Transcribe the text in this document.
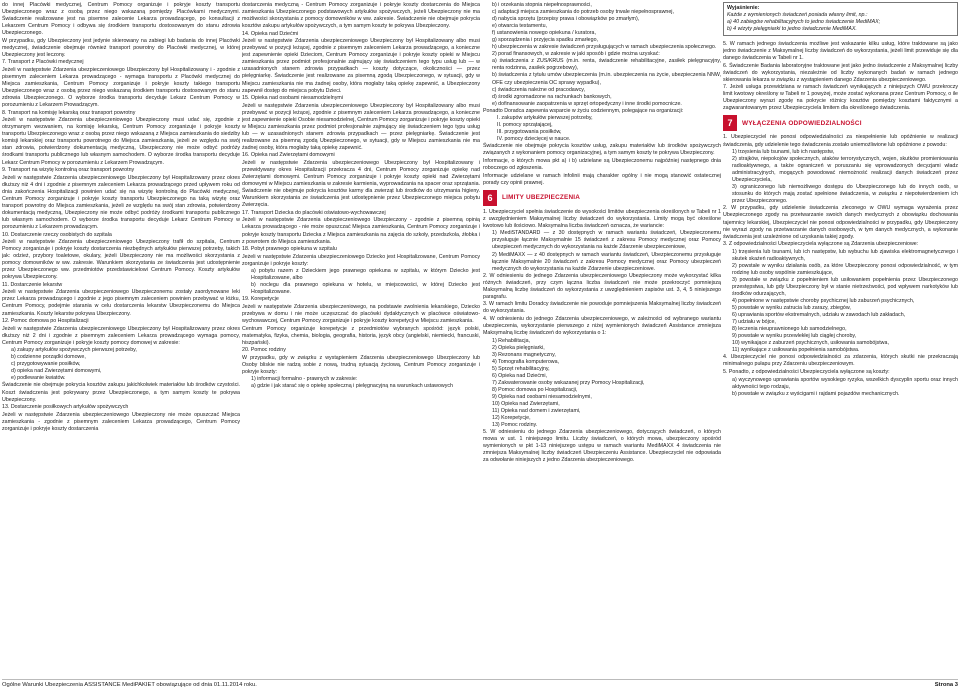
do innej Placówki medycznej, Centrum Pomocy organizuje i pokryje koszty transportu Ubezpieczonego wraz z osobą przez niego wskazaną pomiędzy Placówkami medycznymi. Świadczenie realizowane jest na pisemne zalecenie Lekarza prowadzącego, po konsultacji z Lekarzem Centrum Pomocy i odbywa się środkiem transportu dostosowanym do stanu zdrowia Ubezpieczonego.

W przypadku, gdy Ubezpieczony jest jedynie skierowany na zabiegi lub badania do innej Placówki medycznej, świadczenie obejmuje również transport powrotny do Placówki medycznej, w której Ubezpieczony jest leczony.

7. Transport z Placówki medycznej

Jeżeli w następstwie Zdarzenia ubezpieczeniowego Ubezpieczony był Hospitalizowany i - zgodnie z pisemnym zaleceniem Lekarza prowadzącego - wymaga transportu z Placówki medycznej do Miejsca zamieszkania, Centrum Pomocy zorganizuje i pokryje koszty takiego transportu Ubezpieczonego wraz z osobą przez niego wskazaną środkiem transportu dostosowanym do stanu zdrowia Ubezpieczonego. O wyborze środka transportu decyduje Lekarz Centrum Pomocy w porozumieniu z Lekarzem Prowadzącym.

8. Transport na komisję lekarską oraz transport powrotny

Jeżeli w następstwie Zdarzenia ubezpieczeniowego Ubezpieczony musi udać się, zgodnie z otrzymanym wezwaniem, na komisję lekarską, Centrum Pomocy zorganizuje i pokryje koszty transportu Ubezpieczonego wraz z osobą przez niego wskazaną z Miejsca zamieszkania do siedziby komisji lekarskiej oraz transportu powrotnego do Miejsca zamieszkania, jeżeli ze względu na swój stan zdrowia, potwierdzony dokumentacją medyczną, Ubezpieczony nie może odbyć podróży środkami transportu publicznego lub własnym samochodem. O wyborze środka transportu decyduje Lekarz Centrum Pomocy w porozumieniu z Lekarzem Prowadzącym.

9. Transport na wizytę kontrolną oraz transport powrotny

Jeżeli w następstwie Zdarzenia ubezpieczeniowego Ubezpieczony był Hospitalizowany przez okres dłuższy niż 4 dni i zgodnie z pisemnym zaleceniem Lekarza prowadzącego przed upływem roku od dnia zakończenia Hospitalizacji powinien udać się na wizytę kontrolną do Placówki medycznej, Centrum Pomocy zorganizuje i pokryje koszty transportu Ubezpieczonego na taką wizytę oraz transport powrotny do Miejsca zamieszkania, jeżeli ze względu na swój stan zdrowia, potwierdzony dokumentacją medyczną, Ubezpieczony nie może odbyć podróży środkami transportu publicznego lub własnym samochodem. O wyborze środka transportu decyduje Lekarz Centrum Pomocy w porozumieniu z Lekarzem prowadzącym.

10. Dostarczenie rzeczy osobistych do szpitala

Jeżeli w następstwie Zdarzenia ubezpieczeniowego Ubezpieczony trafił do szpitala, Centrum Pomocy zorganizuje i pokryje koszty dostarczenia niezbędnych artykułów pierwszej potrzeby, takich jak: odzież, przybory toaletowe, okulary, jeżeli Ubezpieczony nie ma możliwości skorzystania z pomocy domowników w ww. zakresie. Warunkiem skorzystania ze świadczenia jest udostępnienie przez Ubezpieczonego ww. przedmiotów przedstawicielowi Centrum Pomocy. Koszty artykułów pokrywa Ubezpieczony.

11. Dostarczenie lekarstw

Jeżeli w następstwie Zdarzenia ubezpieczeniowego Ubezpieczonemu zostały zaordynowane leki przez Lekarza prowadzącego i zgodnie z jego pisemnym zaleceniem powinien przebywać w łóżku, Centrum Pomocy, podejmie starania w celu dostarczenia lekarstw Ubezpieczonemu do Miejsca zamieszkania. Koszty lekarstw pokrywa Ubezpieczony.

12. Pomoc domowa po Hospitalizacji

Jeżeli w następstwie Zdarzenia ubezpieczeniowego Ubezpieczony był Hospitalizowany przez okres dłuższy niż 2 dni i zgodnie z pisemnym zaleceniem Lekarza prowadzącego wymaga pomocy, Centrum Pomocy zorganizuje i pokryje koszty pomocy domowej w zakresie:

a) zakupy artykułów spożywczych pierwszej potrzeby,

b) codzienne porządki domowe,

c) przygotowywanie posiłków,

d) opieka nad Zwierzętami domowymi,

e) podlewanie kwiatów.

Świadczenie nie obejmuje pokrycia kosztów zakupu jakichkolwiek materiałów lub środków czystości. Koszt świadczenia jest pokrywany przez Ubezpieczonego, a tym samym koszty te pokrywa Ubezpieczony.

13. Dostarczenie posiłkowych artykułów spożywczych

Jeżeli w następstwie Zdarzenia ubezpieczeniowego Ubezpieczony nie może opuszczać Miejsca zamieszkania - zgodnie z pisemnym zaleceniem Lekarza prowadzącego, Centrum Pomocy zorganizuje i pokryje koszty dostarczenia

dostarczenia medyczną - Centrum Pomocy zorganizuje i pokryje koszty dostarczenia do Miejsca zamieszkania Ubezpieczonego podstawowych artykułów spożywczych, jeżeli Ubezpieczony nie ma możliwości skorzystania z pomocy domowników w ww. zakresie. Świadczenie nie obejmuje pokrycia kosztów zakupu artykułów spożywczych, a tym samym koszty te pokrywa Ubezpieczony.

14. Opieka nad Dziećmi

Jeżeli w następstwie Zdarzenia ubezpieczeniowego Ubezpieczony był Hospitalizowany albo musi przebywać w pozycji leżącej, zgodnie z pisemnym zaleceniem Lekarza prowadzącego, a konieczne jest zapewnienie opieki Dzieciom, Centrum Pomocy zorganizuje i pokryje koszty opieki w Miejscu zamieszkania przez podmiot profesjonalnie zajmujący się świadczeniem tego typu usług lub — w uzasadnionych stanem zdrowia przypadkach — koszty dotyczące, okoliczności — przez pielęgniarkę. Świadczenie jest realizowane za pisemną zgodą Ubezpieczonego, w sytuacji, gdy w Miejscu zamieszkania nie ma żadnej osoby, która mogłaby taką opiekę zapewnić, a Ubezpieczony zapewnił dostęp do miejsca pobytu Dzieci.

15. Opieka nad osobami niesamodzielnymi

Jeżeli w następstwie Zdarzenia ubezpieczeniowego Ubezpieczony był Hospitalizowany albo musi przebywać w pozycji leżącej, zgodnie z pisemnym zaleceniem Lekarza prowadzącego, a konieczne jest zapewnienie opieki Osobie niesamodzielnej, Centrum Pomocy zorganizuje i pokryje koszty opieki w Miejscu zamieszkania przez podmiot profesjonalnie zajmujący się świadczeniem tego typu usług lub — w uzasadnionych stanem zdrowia przypadkach — przez pielęgniarkę. Świadczenie jest realizowane za pisemną zgodą Ubezpieczonego, w sytuacji, gdy w Miejscu zamieszkania nie ma żadnej osoby, która mogłaby taką opiekę zapewnić.

16. Opieka nad Zwierzętami domowymi

Jeżeli w następstwie Zdarzenia ubezpieczeniowego Ubezpieczony był Hospitalizowany i przewidywany okres Hospitalizacji przekracza 4 dni, Centrum Pomocy zorganizuje opiekę nad Zwierzętami domowymi. Centrum Pomocy zorganizuje i pokryje koszty opieki nad Zwierzętami domowymi w Miejscu zamieszkania w zakresie karmienia, wyprowadzania na spacer oraz sprzątania. Świadczenie nie obejmuje pokrycia kosztów karmy dla zwierząt lub środków do utrzymania higieny. Warunkiem skorzystania ze świadczenia jest udostępnienie przez Ubezpieczonego miejsca pobytu Zwierzęcia.

17. Transport Dziecka do placówki oświatowo-wychowawczej

Jeżeli w następstwie Zdarzenia ubezpieczeniowego Ubezpieczony - zgodnie z pisemną opinią Lekarza prowadzącego - nie może opuszczać Miejsca zamieszkania, Centrum Pomocy zorganizuje i pokryje koszty transportu Dziecka z Miejsca zamieszkania na zajęcia do szkoły, przedszkola, żłobka i z powrotem do Miejsca zamieszkania.

18. Pobyt prawnego opiekuna w szpitalu

Jeżeli w następstwie Zdarzenia ubezpieczeniowego Dziecko jest Hospitalizowane, Centrum Pomocy zorganizuje i pokryje koszty:

a) pobytu razem z Dzieckiem jego prawnego opiekuna w szpitalu, w którym Dziecko jest Hospitalizowane, albo

b) noclegu dla prawnego opiekuna w hotelu, w miejscowości, w której Dziecko jest Hospitalizowane.

19. Korepetycje

Jeżeli w następstwie Zdarzenia ubezpieczeniowego, na podstawie zwolnienia lekarskiego, Dziecko przebywa w domu i nie może uczęszczać do placówki dydaktycznych w placówce oświatowo-wychowawczej, Centrum Pomocy zorganizuje i pokryje koszty korepetycji w Miejscu zamieszkania.

Centrum Pomocy organizuje korepetycje z przedmiotów wybranych spośród: język polski, matematyka, fizyka, chemia, biologia, geografia, historia, język obcy (angielski, niemiecki, francuski, hiszpański).

20. Pomoc rodziny

W przypadku, gdy w związku z wystąpieniem Zdarzenia ubezpieczeniowego Ubezpieczony lub Osoby bliskie nie radzą sobie z nową, trudną sytuacją życiową, Centrum Pomocy zorganizuje i pokryje koszty:

1) informacji formalno - prawnych w zakresie:

a) gdzie i jak starać się o opiekę społeczną i pielęgnacyjną na warunkach ustawowych

b) i orzekania stopnia niepełnosprawności,

c) adaptacji miejsca zamieszkania do potrzeb osoby trwale niepełnosprawnej,

d) nabycia sprzętu (przepisy prawa i obowiązków po zmarłym),

e) otwarcia testamentu,

f) ustanowienia nowego opiekuna / kuratora,

g) sporządzenia i przyjęcia spadku zmarłego,

h) ubezpieczenia w zakresie świadczeń przysługujących w ramach ubezpieczenia społecznego.

2) porad finansowych, w zakresie w jaki sposób i gdzie można uzyskać:

a) świadczenia z ZUS/KRUS (m.in. renta, świadczenie rehabilitacyjne, zasiłek pielęgnacyjny, renta rodzinna, zasiłek pogrzebowy),

b) świadczenia z tytułu umów ubezpieczenia (m.in. ubezpieczenia na życie, ubezpieczenia NNW, OFE czy ubezpieczenia OC sprawy wypadku),

c) świadczenia należne od pracodawcy,

d) środki zgromadzone na rachunkach bankowych,

e) dofinansowanie zaopatrzenia w sprzęt ortopedyczny i inne środki pomocnicze.

Ponadto Doradca zapewnia wsparcie w życiu codziennym, polegające na organizacji:

I. zakupów artykułów pierwszej potrzeby,

II. pomocy sprzątającej,

III. przygotowania posiłków,

IV. pomocy dziecięcej w nauce.

Świadczenie nie obejmuje pokrycia kosztów usług, zakupu materiałów lub środków spożywczych związanych z wykonaniem pomocy organizacyjnej, a tym samym koszty te pokrywa Ubezpieczony.

Informacje, o których mowa pkt a) i b) udzielane są Ubezpieczonemu najpóźniej następnego dnia roboczego od zgłoszenia.

Informacje udzielane w ramach infolinii mają charakter ogólny i nie mogą stanowić ostatecznej porady czy opinii prawnej.

6	LIMITY UBEZPIECZENIA

1. Ubezpieczyciel spełnia świadczenie do wysokości limitów ubezpieczenia określonych w Tabeli nr 1 z uwzględnieniem Maksymalnej liczby świadczeń do wykorzystania. Limity mogą być określone kwotowo lub ilościowo. Maksymalna liczba świadczeń oznacza, że wariancie:

1) MediSTANDARD — z 30 dostępnych w ramach wariantu świadczeń, Ubezpieczonemu przysługuje łącznie Maksymalnie 15 świadczeń z zakresu Pomocy medycznej oraz Pomocy ubezpieczeń medycznych do wykorzystania na każde Zdarzenie ubezpieczeniowe,

2) MediMAXX — z 40 dostępnych w ramach wariantu świadczeń, Ubezpieczonemu przysługuje łącznie Maksymalnie 20 świadczeń z zakresu Pomocy medycznej oraz Pomocy ubezpieczeń medycznych do wykorzystania na każde Zdarzenie ubezpieczeniowe.

2. W odniesieniu do jednego Zdarzenia ubezpieczeniowego Ubezpieczony może wykorzystać kilka różnych świadczeń, przy czym łączna liczba świadczeń nie może przekroczyć pomniejszą Maksymalną liczbę świadczeń do wykorzystania z uwzględnieniem zapisów ust. 3, 4, 5 niniejszego paragrafu.

3. W ramach limitu Doradcy świadczenie nie powoduje pomniejszenia Maksymalnej liczby świadczeń do wykorzystania.

4. W odniesieniu do jednego Zdarzenia ubezpieczeniowego, w zależności od wybranego wariantu ubezpieczenia, wykorzystanie pierwszego z niżej wymienionych świadczeń Assistance zmniejsza Maksymalną liczbę świadczeń do wykorzystania o 1:

1) Rehabilitacja,

2) Opieka pielęgniarki,

3) Rezonans magnetyczny,

4) Tomografia komputerowa,

5) Sprzęt rehabilitacyjny,

6) Opieka nad Dziećmi,

7) Zakwaterowanie osoby wskazanej przy Pomocy Hospitalizacji,

8) Pomoc domowa po Hospitalizacji,

9) Opieka nad osobami niesamodzielnymi,

10) Opieka nad Zwierzętami,

11) Opieka nad domem i zwierzętami,

12) Korepetycje,

13) Pomoc rodziny.

5. W odniesieniu do jednego Zdarzenia ubezpieczeniowego, dotyczących świadczeń, o których mowa w ust. 1 niniejszego limitu. Liczby świadczeń, o których mowa, ubezpieczony spośród wymienionych w pkt 1-13 niniejszego ustępu w ramach wariantu MediMAXX 4 świadczenia nie zmniejsza Maksymalnej liczby świadczeń Ubezpieczeniu Assistance. Ubezpieczyciel nie odpowiada za odwołanie niniejszych z jedno Zdarzenia ubezpieczeniowego.

Wyjaśnienie:
Każde z wymienionych świadczeń posiada własny limit, np.:
a) 40 zabiegów rehabilitacyjnych to jedno świadczenie MediMAX;
b) 4 wizyty pielęgniarki to jedno świadczenie MediMAX.

5. W ramach jednego świadczenia możliwe jest wskazanie kilku usług, które traktowane są jako jedno świadczenie z Maksymalnej liczby świadczeń do wykorzystania, jeżeli limit przewiduje się dla danego świadczenia w Tabeli nr 1.

6. Świadczenie Badania laboratoryjne traktowane jest jako jedno świadczenie z Maksymalnej liczby świadczeń do wykorzystania, niezależnie od liczby wykonanych badań w ramach jednego skierowania lekarza w związku z wystąpieniem danego Zdarzenia ubezpieczeniowego.

7. Jeżeli usługa przewidziana w ramach świadczeń wynikających z niniejszych OWU przekroczy limit kwotowy określony w Tabeli nr 1 powyżej, może zostać wykonana przez Centrum Pomocy, o ile Ubezpieczony wyrazi zgodę na pokrycie różnicy kosztów pomiędzy kosztami faktycznymi a zagwarantowanym przez Ubezpieczyciela limitem dla określonego świadczenia.

7	WYŁĄCZENIA ODPOWIEDZIALNOŚCI

1. Ubezpieczyciel nie ponosi odpowiedzialności za niespełnienie lub opóźnienie w realizacji świadczenia, gdy udzielenie tego świadczenia zostało uniemożliwione lub opóźnione z powodu:

1) trzęsienia lub tsunami, lub ich następstw,

2) strajków, niepokojów społecznych, ataków terrorystycznych, wojen, skutków promieniowania radioaktywnego, a także ograniczeń w poruszaniu się wprowadzonych decyzjami władz administracyjnych, mogących powodować niemożność realizacji danych świadczeń przez Ubezpieczyciela,

3) ograniczonego lub niemożliwego dostępu do Ubezpieczonego lub do innych osób, w stosunku do których mają zostać spełnione świadczenia, w związku z niepotwierdzeniem ich przez Ubezpieczonego.

2. W przypadku, gdy udzielenie świadczenia zleconego w OWU wymaga wyrażenia przez Ubezpieczonego zgody na przetwarzanie swoich danych medycznych z obowiązku dochowania tajemnicy lekarskiej, Ubezpieczyciel nie ponosi odpowiedzialności w przypadku, gdy Ubezpieczony nie wyrazi zgody na przetwarzanie danych osobowych, w tym danych medycznych, a wykonanie świadczenia jest uzależnione od uzyskania takiej zgody.

3. Z odpowiedzialności Ubezpieczyciela wyłączone są Zdarzenia ubezpieczeniowe:

1) trzęsienia lub tsunami, lub ich następstw, lub wybuchu lub zjawiska elektromagnetycznego i skutek skażeń radioaktywnych,

2) powstałe w wyniku działania osób, za które Ubezpieczony ponosi odpowiedzialność, w tym rodzinę lub osoby wspólnie zamieszkujące,

3) powstałe w związku z popełnieniem lub usiłowaniem popełnienia przez Ubezpieczonego przestępstwa, lub gdy Ubezpieczony był w stanie nietrzeźwości, pod wpływem narkotyków lub środków odurzających,

4) popełnione w następstwie choroby psychicznej lub zaburzeń psychicznych,

5) powstałe w wyniku zatrucia lub zarazy, zbiegów,

6) uprawiania sportów ekstremalnych, udziału w zawodach lub zakładach,

7) udziału w bójce,

8) leczenia nieuprawnionego lub samodzielnego,

9) powstałe w wyniku przewlekłej lub ciągłej choroby,

10) wynikające z zaburzeń psychicznych, usiłowania samobójstwa,

11) wynikające z usiłowania popełnienia samobójstwa.

4. Ubezpieczyciel nie ponosi odpowiedzialności za zdarzenia, których skutki nie przekraczają minimalnego pułapu przy Zdarzeniu ubezpieczeniowym.

5. Ponadto, z odpowiedzialności Ubezpieczyciela wyłączone są koszty:

a) wyczynowego uprawiania sportów wysokiego ryzyka, wszelkich dyscyplin sportu oraz innych aktywności tego rodzaju,

b) powstałe w związku z wyścigami i rajdami pojazdów mechanicznych.

Ogólne Warunki Ubezpieczenia ASSISTANCE MediPAKIET obowiązujące od dnia 01.11.2014 roku.	Strona 3
